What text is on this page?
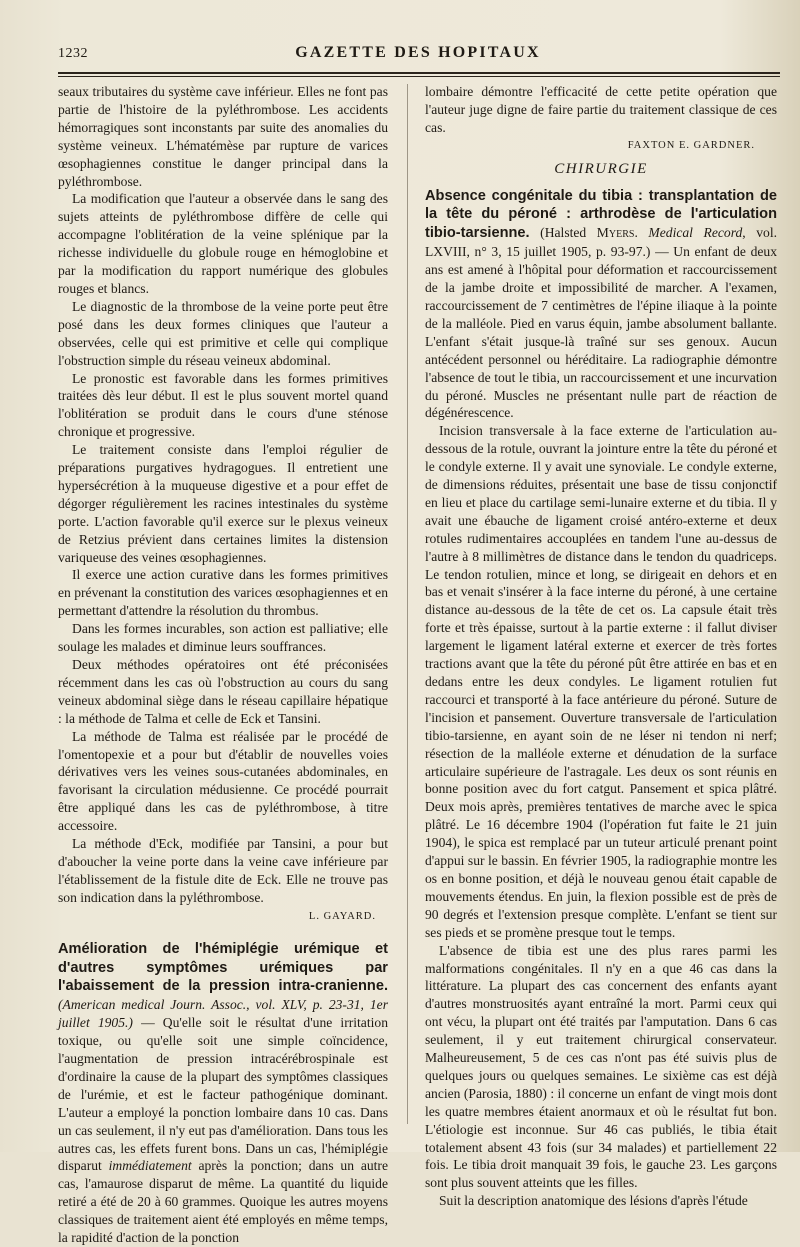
1232	GAZETTE DES HOPITAUX

seaux tributaires du système cave inférieur. Elles ne font pas partie de l'histoire de la pyléthrombose. Les accidents hémorragiques sont inconstants par suite des anomalies du système veineux. L'hématémèse par rupture de varices œsophagiennes constitue le danger principal dans la pyléthrombose.

La modification que l'auteur a observée dans le sang des sujets atteints de pyléthrombose diffère de celle qui accompagne l'oblitération de la veine splénique par la richesse individuelle du globule rouge en hémoglobine et par la modification du rapport numérique des globules rouges et blancs.

Le diagnostic de la thrombose de la veine porte peut être posé dans les deux formes cliniques que l'auteur a observées, celle qui est primitive et celle qui complique l'obstruction simple du réseau veineux abdominal.

Le pronostic est favorable dans les formes primitives traitées dès leur début. Il est le plus souvent mortel quand l'oblitération se produit dans le cours d'une sténose chronique et progressive.

Le traitement consiste dans l'emploi régulier de préparations purgatives hydragogues. Il entretient une hypersécrétion à la muqueuse digestive et a pour effet de dégorger régulièrement les racines intestinales du système porte. L'action favorable qu'il exerce sur le plexus veineux de Retzius prévient dans certaines limites la distension variqueuse des veines œsophagiennes.

Il exerce une action curative dans les formes primitives en prévenant la constitution des varices œsophagiennes et en permettant d'attendre la résolution du thrombus.

Dans les formes incurables, son action est palliative; elle soulage les malades et diminue leurs souffrances.

Deux méthodes opératoires ont été préconisées récemment dans les cas où l'obstruction au cours du sang veineux abdominal siège dans le réseau capillaire hépatique : la méthode de Talma et celle de Eck et Tansini.

La méthode de Talma est réalisée par le procédé de l'omentopexie et a pour but d'établir de nouvelles voies dérivatives vers les veines sous-cutanées abdominales, en favorisant la circulation médusienne. Ce procédé pourrait être appliqué dans les cas de pyléthrombose, à titre accessoire.

La méthode d'Eck, modifiée par Tansini, a pour but d'aboucher la veine porte dans la veine cave inférieure par l'établissement de la fistule dite de Eck. Elle ne trouve pas son indication dans la pyléthrombose.

L. GAYARD.

Amélioration de l'hémiplégie urémique et d'autres symptômes urémiques par l'abaissement de la pression intra-cranienne. (American medical Journ. Assoc., vol. XLV, p. 23-31, 1er juillet 1905.) — Qu'elle soit le résultat d'une irritation toxique, ou qu'elle soit une simple coïncidence, l'augmentation de pression intracérébrospinale est d'ordinaire la cause de la plupart des symptômes classiques de l'urémie, et est le facteur pathogénique dominant. L'auteur a employé la ponction lombaire dans 10 cas. Dans un cas seulement, il n'y eut pas d'amélioration. Dans tous les autres cas, les effets furent bons. Dans un cas, l'hémiplégie disparut immédiatement après la ponction; dans un autre cas, l'amaurose disparut de même. La quantité du liquide retiré a été de 20 à 60 grammes. Quoique les autres moyens classiques de traitement aient été employés en même temps, la rapidité d'action de la ponction

lombaire démontre l'efficacité de cette petite opération que l'auteur juge digne de faire partie du traitement classique de ces cas.

FAXTON E. GARDNER.

CHIRURGIE

Absence congénitale du tibia : transplantation de la tête du péroné : arthrodèse de l'articulation tibio-tarsienne. (Halsted Myers. Medical Record, vol. LXVIII, n° 3, 15 juillet 1905, p. 93-97.) — Un enfant de deux ans est amené à l'hôpital pour déformation et raccourcissement de la jambe droite et impossibilité de marcher. A l'examen, raccourcissement de 7 centimètres de l'épine iliaque à la pointe de la malléole. Pied en varus équin, jambe absolument ballante. L'enfant s'était jusque-là traîné sur ses genoux. Aucun antécédent personnel ou héréditaire. La radiographie démontre l'absence de tout le tibia, un raccourcissement et une incurvation du péroné. Muscles ne présentant nulle part de réaction de dégénérescence.

Incision transversale à la face externe de l'articulation au-dessous de la rotule, ouvrant la jointure entre la tête du péroné et le condyle externe. Il y avait une synoviale. Le condyle externe, de dimensions réduites, présentait une base de tissu conjonctif en lieu et place du cartilage semi-lunaire externe et du tibia. Il y avait une ébauche de ligament croisé antéro-externe et deux rotules rudimentaires accouplées en tandem l'une au-dessus de l'autre à 8 millimètres de distance dans le tendon du quadriceps. Le tendon rotulien, mince et long, se dirigeait en dehors et en bas et venait s'insérer à la face interne du péroné, à une certaine distance au-dessous de la tête de cet os. La capsule était très forte et très épaisse, surtout à la partie externe : il fallut diviser largement le ligament latéral externe et exercer de très fortes tractions avant que la tête du péroné pût être attirée en bas et en dedans entre les deux condyles. Le ligament rotulien fut raccourci et transporté à la face antérieure du péroné. Suture de l'incision et pansement. Ouverture transversale de l'articulation tibio-tarsienne, en ayant soin de ne léser ni tendon ni nerf; résection de la malléole externe et dénudation de la surface articulaire supérieure de l'astragale. Les deux os sont réunis en bonne position avec du fort catgut. Pansement et spica plâtré. Deux mois après, premières tentatives de marche avec le spica plâtré. Le 16 décembre 1904 (l'opération fut faite le 21 juin 1904), le spica est remplacé par un tuteur articulé prenant point d'appui sur le bassin. En février 1905, la radiographie montre les os en bonne position, et déjà le nouveau genou était capable de mouvements étendus. En juin, la flexion possible est de près de 90 degrés et l'extension presque complète. L'enfant se tient sur ses pieds et se promène presque tout le temps.

L'absence de tibia est une des plus rares parmi les malformations congénitales. Il n'y en a que 46 cas dans la littérature. La plupart des cas concernent des enfants ayant d'autres monstruosités ayant entraîné la mort. Parmi ceux qui ont vécu, la plupart ont été traités par l'amputation. Dans 6 cas seulement, il y eut traitement chirurgical conservateur. Malheureusement, 5 de ces cas n'ont pas été suivis plus de quelques jours ou quelques semaines. Le sixième cas est déjà ancien (Parosia, 1880) : il concerne un enfant de vingt mois dont les quatre membres étaient anormaux et où le résultat fut bon. L'étiologie est inconnue. Sur 46 cas publiés, le tibia était totalement absent 43 fois (sur 34 malades) et partiellement 22 fois. Le tibia droit manquait 39 fois, le gauche 23. Les garçons sont plus souvent atteints que les filles.

Suit la description anatomique des lésions d'après l'étude
